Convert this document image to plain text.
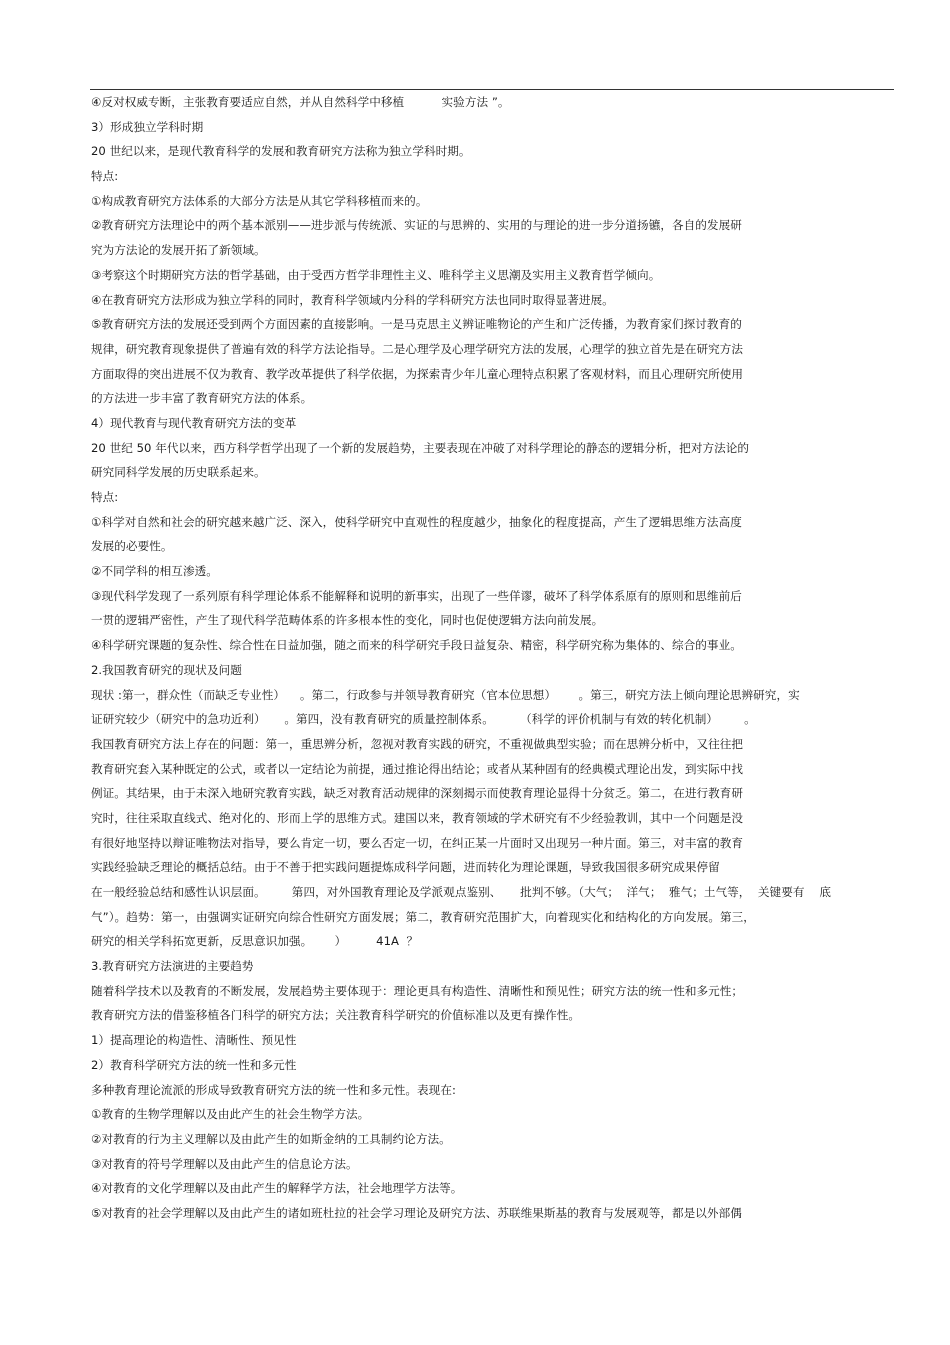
④反对权威专断，主张教育要适应自然，并从自然科学中移植          实验方法 ”。
3）形成独立学科时期
20 世纪以来，是现代教育科学的发展和教育研究方法称为独立学科时期。
特点:
①构成教育研究方法体系的大部分方法是从其它学科移植而来的。
②教育研究方法理论中的两个基本派别——进步派与传统派、实证的与思辨的、实用的与理论的进一步分道扬镳，各自的发展研
究为方法论的发展开拓了新领域。
③考察这个时期研究方法的哲学基础，由于受西方哲学非理性主义、唯科学主义思潮及实用主义教育哲学倾向。
④在教育研究方法形成为独立学科的同时，教育科学领域内分科的学科研究方法也同时取得显著进展。
⑤教育研究方法的发展还受到两个方面因素的直接影响。一是马克思主义辨证唯物论的产生和广泛传播，为教育家们探讨教育的
规律，研究教育现象提供了普遍有效的科学方法论指导。二是心理学及心理学研究方法的发展，心理学的独立首先是在研究方法
方面取得的突出进展不仅为教育、教学改革提供了科学依据，为探索青少年儿童心理特点积累了客观材料，而且心理研究所使用
的方法进一步丰富了教育研究方法的体系。
4）现代教育与现代教育研究方法的变革
20 世纪 50 年代以来，西方科学哲学出现了一个新的发展趋势，主要表现在冲破了对科学理论的静态的逻辑分析，把对方法论的
研究同科学发展的历史联系起来。
特点:
①科学对自然和社会的研究越来越广泛、深入，使科学研究中直观性的程度越少，抽象化的程度提高，产生了逻辑思维方法高度
发展的必要性。
②不同学科的相互渗透。
③现代科学发现了一系列原有科学理论体系不能解释和说明的新事实，出现了一些佯谬，破坏了科学体系原有的原则和思维前后
一贯的逻辑严密性，产生了现代科学范畴体系的许多根本性的变化，同时也促使逻辑方法向前发展。
④科学研究课题的复杂性、综合性在日益加强，随之而来的科学研究手段日益复杂、精密，科学研究称为集体的、综合的事业。
2.我国教育研究的现状及问题
现状 :第一，群众性（而缺乏专业性）    。第二，行政参与并领导教育研究（官本位思想）      。第三，研究方法上倾向理论思辨研究，实
证研究较少（研究中的急功近利）     。第四，没有教育研究的质量控制体系。       （科学的评价机制与有效的转化机制）       。
我国教育研究方法上存在的问题：第一，重思辨分析，忽视对教育实践的研究，不重视做典型实验；而在思辨分析中，又往往把
教育研究套入某种既定的公式，或者以一定结论为前提，通过推论得出结论；或者从某种固有的经典模式理论出发，到实际中找
例证。其结果，由于未深入地研究教育实践，缺乏对教育活动规律的深刻揭示而使教育理论显得十分贫乏。第二，在进行教育研
究时，往往采取直线式、绝对化的、形而上学的思维方式。建国以来，教育领域的学术研究有不少经验教训，其中一个问题是没
有很好地坚持以辩证唯物法对指导，要么肯定一切，要么否定一切，在纠正某一片面时又出现另一种片面。第三，对丰富的教育
实践经验缺乏理论的概括总结。由于不善于把实践问题提炼成科学问题，进而转化为理论课题，导致我国很多研究成果停留
在一般经验总结和感性认识层面。       第四，对外国教育理论及学派观点鉴别、     批判不够。（大气；  洋气；  雅气；土气等，  关键要有    底
气”）。趋势：第一，由强调实证研究向综合性研究方面发展；第二，教育研究范围扩大，向着现实化和结构化的方向发展。第三，
研究的相关学科拓宽更新，反思意识加强。      ）        41A  ？
3.教育研究方法演进的主要趋势
随着科学技术以及教育的不断发展，发展趋势主要体现于：理论更具有构造性、清晰性和预见性；研究方法的统一性和多元性；
教育研究方法的借鉴移植各门科学的研究方法；关注教育科学研究的价值标准以及更有操作性。
1）提高理论的构造性、清晰性、预见性
2）教育科学研究方法的统一性和多元性
多种教育理论流派的形成导致教育研究方法的统一性和多元性。表现在:
①教育的生物学理解以及由此产生的社会生物学方法。
②对教育的行为主义理解以及由此产生的如斯金纳的工具制约论方法。
③对教育的符号学理解以及由此产生的信息论方法。
④对教育的文化学理解以及由此产生的解释学方法，社会地理学方法等。
⑤对教育的社会学理解以及由此产生的诸如班杜拉的社会学习理论及研究方法、苏联维果斯基的教育与发展观等，都是以外部偶
